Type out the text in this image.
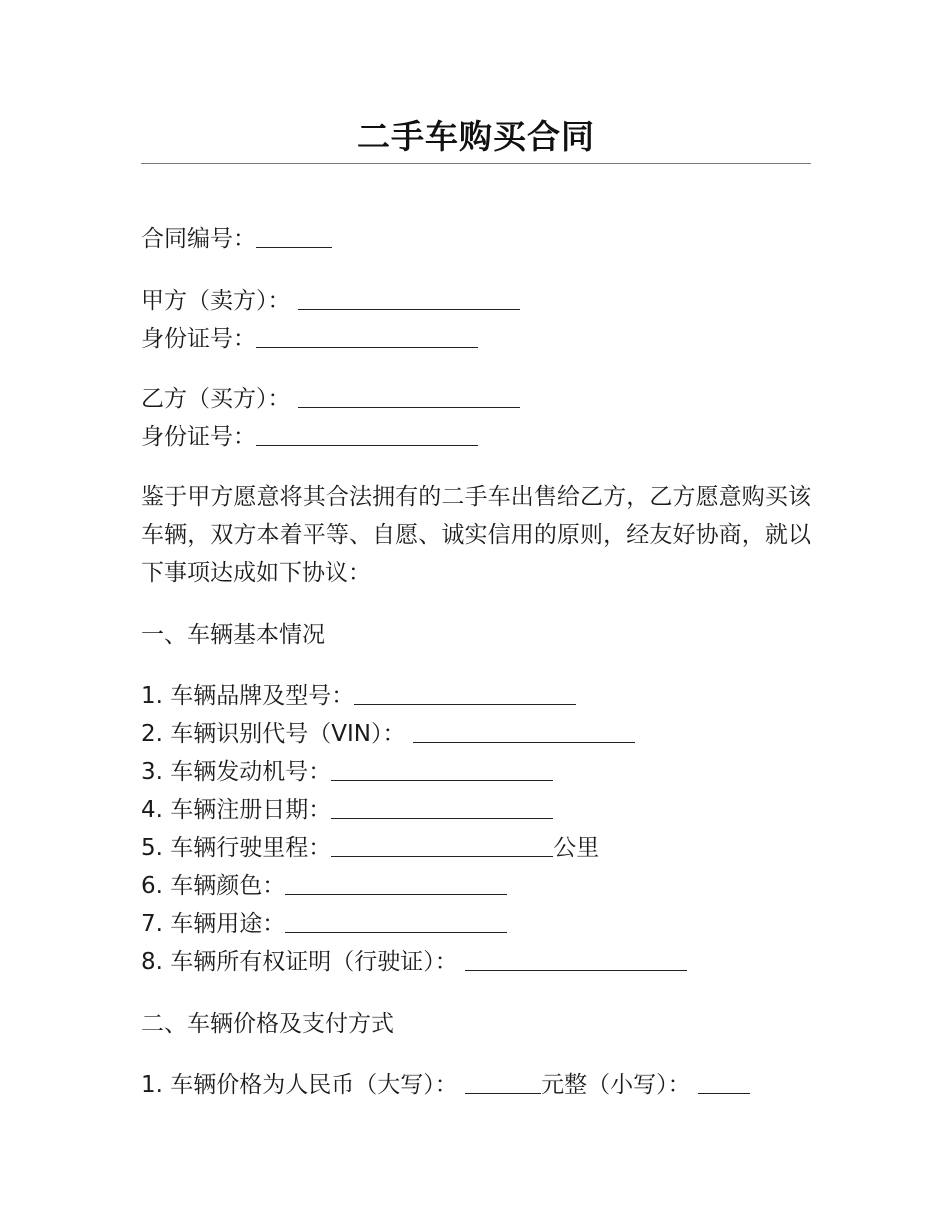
二手车购买合同
合同编号：
甲方（卖方）：
身份证号：
乙方（买方）：
身份证号：
鉴于甲方愿意将其合法拥有的二手车出售给乙方，乙方愿意购买该车辆，双方本着平等、自愿、诚实信用的原则，经友好协商，就以下事项达成如下协议：
一、车辆基本情况
1. 车辆品牌及型号：
2. 车辆识别代号（VIN）：
3. 车辆发动机号：
4. 车辆注册日期：
5. 车辆行驶里程：	公里
6. 车辆颜色：
7. 车辆用途：
8. 车辆所有权证明（行驶证）：
二、车辆价格及支付方式
1. 车辆价格为人民币（大写）：	元整（小写）：
